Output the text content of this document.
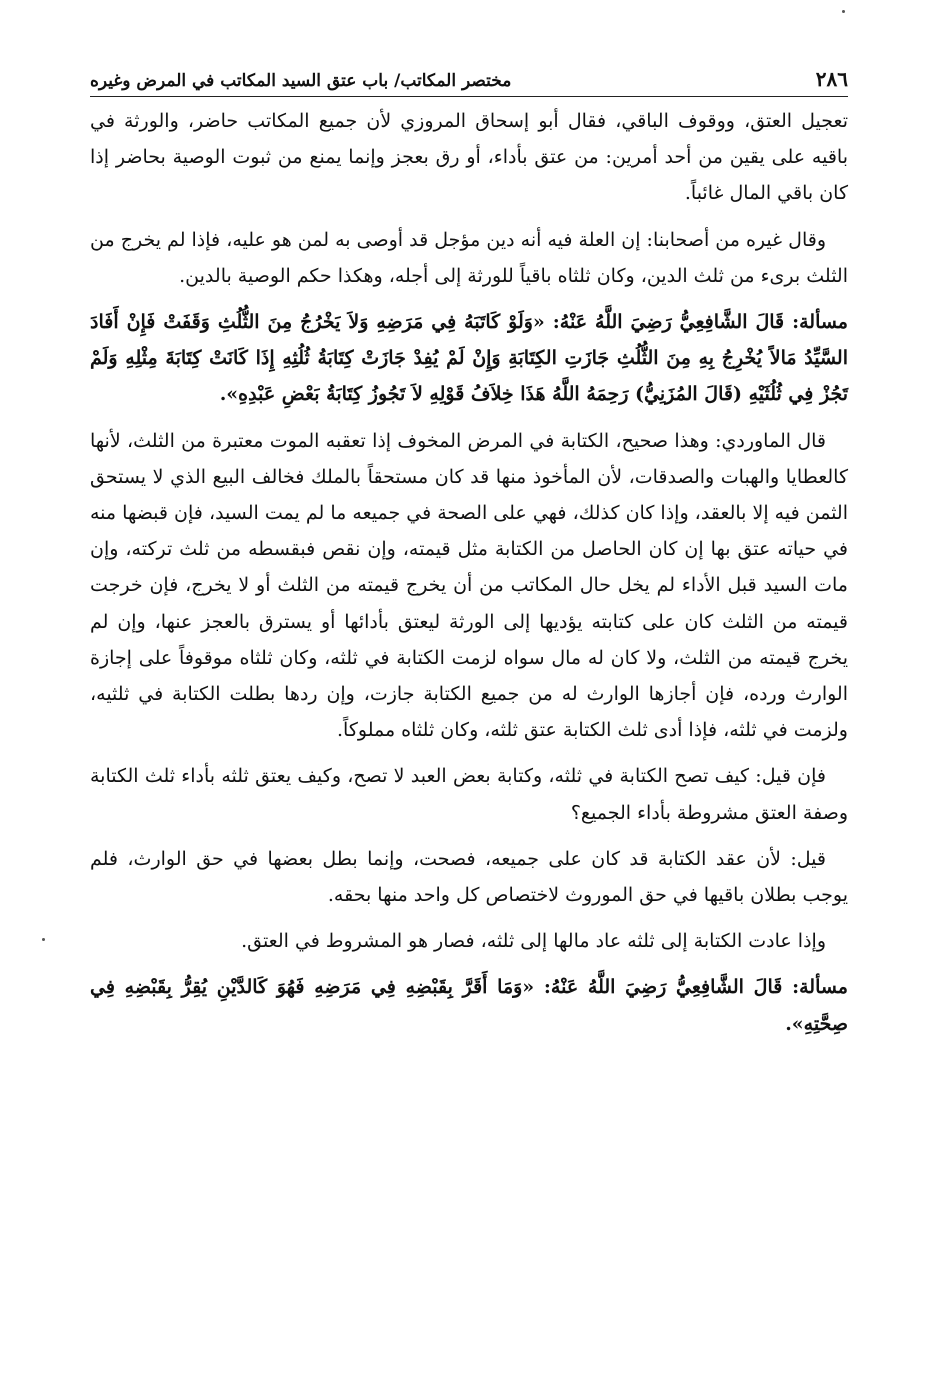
٢٨٦
مختصر المكاتب/ باب عتق السيد المكاتب في المرض وغيره

تعجيل العتق، ووقوف الباقي، فقال أبو إسحاق المروزي لأن جميع المكاتب حاضر، والورثة في باقيه على يقين من أحد أمرين: من عتق بأداء، أو رق بعجز وإنما يمنع من ثبوت الوصية بحاضر إذا كان باقي المال غائباً.

وقال غيره من أصحابنا: إن العلة فيه أنه دين مؤجل قد أوصى به لمن هو عليه، فإذا لم يخرج من الثلث برىء من ثلث الدين، وكان ثلثاه باقياً للورثة إلى أجله، وهكذا حكم الوصية بالدين.

مسألة: قَالَ الشَّافِعِيُّ رَضِيَ اللَّهُ عَنْهُ: «وَلَوْ كَاتَبَهُ فِي مَرَضِهِ وَلاَ يَخْرُجُ مِنَ الثُّلُثِ وَقَفَتْ فَإِنْ أَفَادَ السَّيِّدُ مَالاً يُخْرِجُ بِهِ مِنَ الثُّلُثِ جَازَتِ الكِتَابَةِ وَإِنْ لَمْ يُفِدْ جَازَتْ كِتَابَةُ ثُلُثِهِ إِذَا كَانَتْ كِتَابَةَ مِثْلِهِ وَلَمْ تَجُزْ فِي ثُلُثَيْهِ (قَالَ المُزَنِيُّ) رَحِمَهُ اللَّهُ هَذَا خِلاَفُ قَوْلِهِ لاَ تَجُوزُ كِتَابَةُ بَعْضِ عَبْدِهِ».

قال الماوردي: وهذا صحيح، الكتابة في المرض المخوف إذا تعقبه الموت معتبرة من الثلث، لأنها كالعطايا والهبات والصدقات، لأن المأخوذ منها قد كان مستحقاً بالملك فخالف البيع الذي لا يستحق الثمن فيه إلا بالعقد، وإذا كان كذلك، فهي على الصحة في جميعه ما لم يمت السيد، فإن قبضها منه في حياته عتق بها إن كان الحاصل من الكتابة مثل قيمته، وإن نقص فبقسطه من ثلث تركته، وإن مات السيد قبل الأداء لم يخل حال المكاتب من أن يخرج قيمته من الثلث أو لا يخرج، فإن خرجت قيمته من الثلث كان على كتابته يؤديها إلى الورثة ليعتق بأدائها أو يسترق بالعجز عنها، وإن لم يخرج قيمته من الثلث، ولا كان له مال سواه لزمت الكتابة في ثلثه، وكان ثلثاه موقوفاً على إجازة الوارث ورده، فإن أجازها الوارث له من جميع الكتابة جازت، وإن ردها بطلت الكتابة في ثلثيه، ولزمت في ثلثه، فإذا أدى ثلث الكتابة عتق ثلثه، وكان ثلثاه مملوكاً.

فإن قيل: كيف تصح الكتابة في ثلثه، وكتابة بعض العبد لا تصح، وكيف يعتق ثلثه بأداء ثلث الكتابة وصفة العتق مشروطة بأداء الجميع؟

قيل: لأن عقد الكتابة قد كان على جميعه، فصحت، وإنما بطل بعضها في حق الوارث، فلم يوجب بطلان باقيها في حق الموروث لاختصاص كل واحد منها بحقه.

وإذا عادت الكتابة إلى ثلثه عاد مالها إلى ثلثه، فصار هو المشروط في العتق.

مسألة: قَالَ الشَّافِعِيُّ رَضِيَ اللَّهُ عَنْهُ: «وَمَا أَقَرَّ بِقَبْضِهِ فِي مَرَضِهِ فَهُوَ كَالدَّيْنِ يُقِرُّ بِقَبْضِهِ فِي صِحَّتِهِ».
